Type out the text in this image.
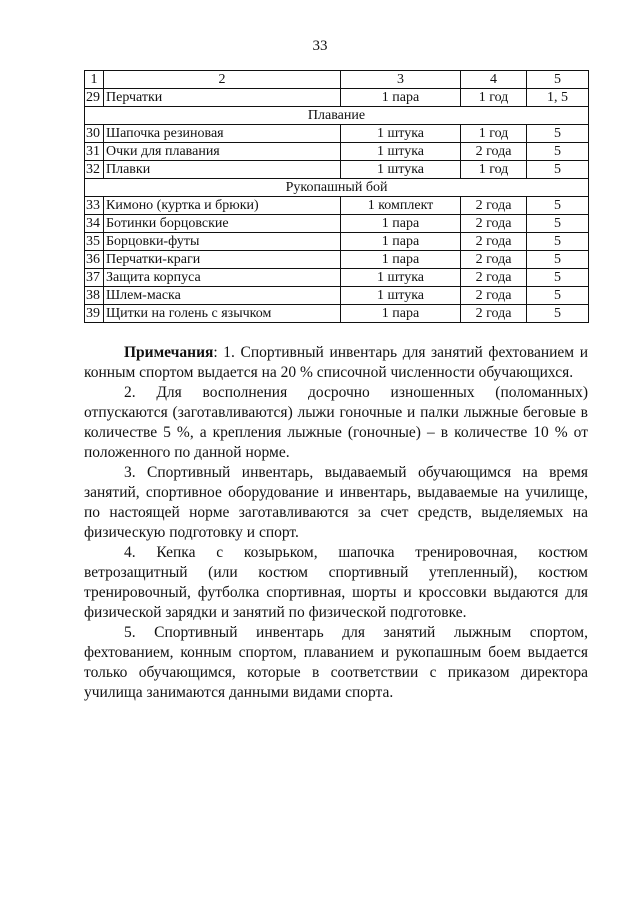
33
1	2	3	4	5
29	Перчатки	1 пара	1 год	1, 5
Плавание				
30	Шапочка резиновая	1 штука	1 год	5
31	Очки для плавания	1 штука	2 года	5
32	Плавки	1 штука	1 год	5
Рукопашный бой				
33	Кимоно (куртка и брюки)	1 комплект	2 года	5
34	Ботинки борцовские	1 пара	2 года	5
35	Борцовки-футы	1 пара	2 года	5
36	Перчатки-краги	1 пара	2 года	5
37	Защита корпуса	1 штука	2 года	5
38	Шлем-маска	1 штука	2 года	5
39	Щитки на голень с язычком	1 пара	2 года	5

Примечания: 1. Спортивный инвентарь для занятий фехтованием и конным спортом выдается на 20 % списочной численности обучающихся.

2. Для восполнения досрочно изношенных (поломанных) отпускаются (заготавливаются) лыжи гоночные и палки лыжные беговые в количестве 5 %, а крепления лыжные (гоночные) – в количестве 10 % от положенного по данной норме.

3. Спортивный инвентарь, выдаваемый обучающимся на время занятий, спортивное оборудование и инвентарь, выдаваемые на училище, по настоящей норме заготавливаются за счет средств, выделяемых на физическую подготовку и спорт.

4. Кепка с козырьком, шапочка тренировочная, костюм ветрозащитный (или костюм спортивный утепленный), костюм тренировочный, футболка спортивная, шорты и кроссовки выдаются для физической зарядки и занятий по физической подготовке.

5. Спортивный инвентарь для занятий лыжным спортом, фехтованием, конным спортом, плаванием и рукопашным боем выдается только обучающимся, которые в соответствии с приказом директора училища занимаются данными видами спорта.
